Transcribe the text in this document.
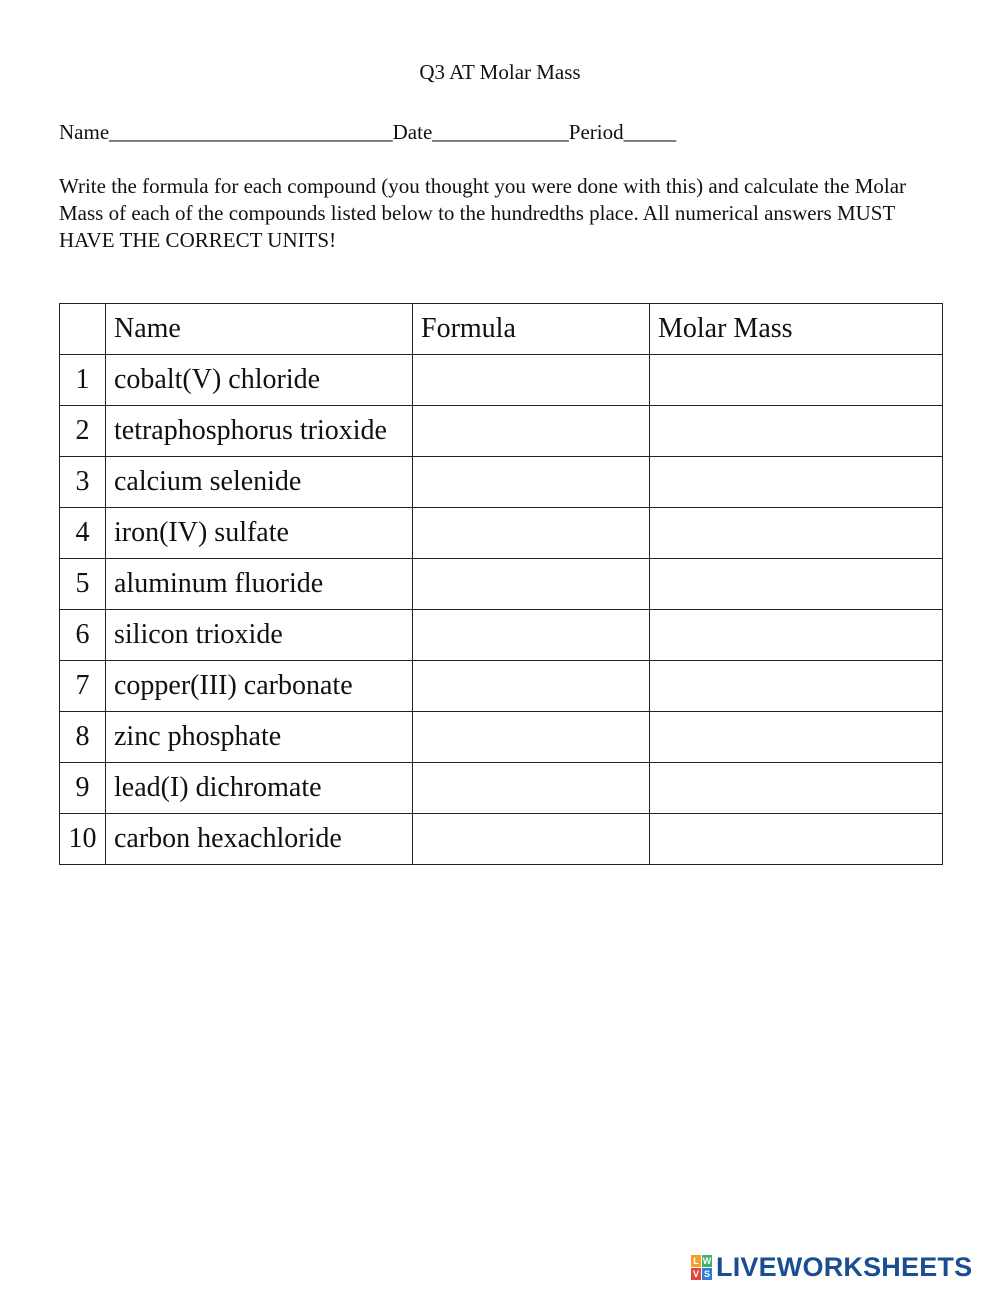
Q3 AT Molar Mass
Name___________________________Date_____________Period_____
Write the formula for each compound (you thought you were done with this) and calculate the Molar Mass of each of the compounds listed below to the hundredths place. All numerical answers MUST HAVE THE CORRECT UNITS!
	Name	Formula	Molar Mass
1	cobalt(V) chloride		
2	tetraphosphorus trioxide		
3	calcium selenide		
4	iron(IV) sulfate		
5	aluminum fluoride		
6	silicon trioxide		
7	copper(III) carbonate		
8	zinc phosphate		
9	lead(I) dichromate		
10	carbon hexachloride		
L W
V S LIVEWORKSHEETS
